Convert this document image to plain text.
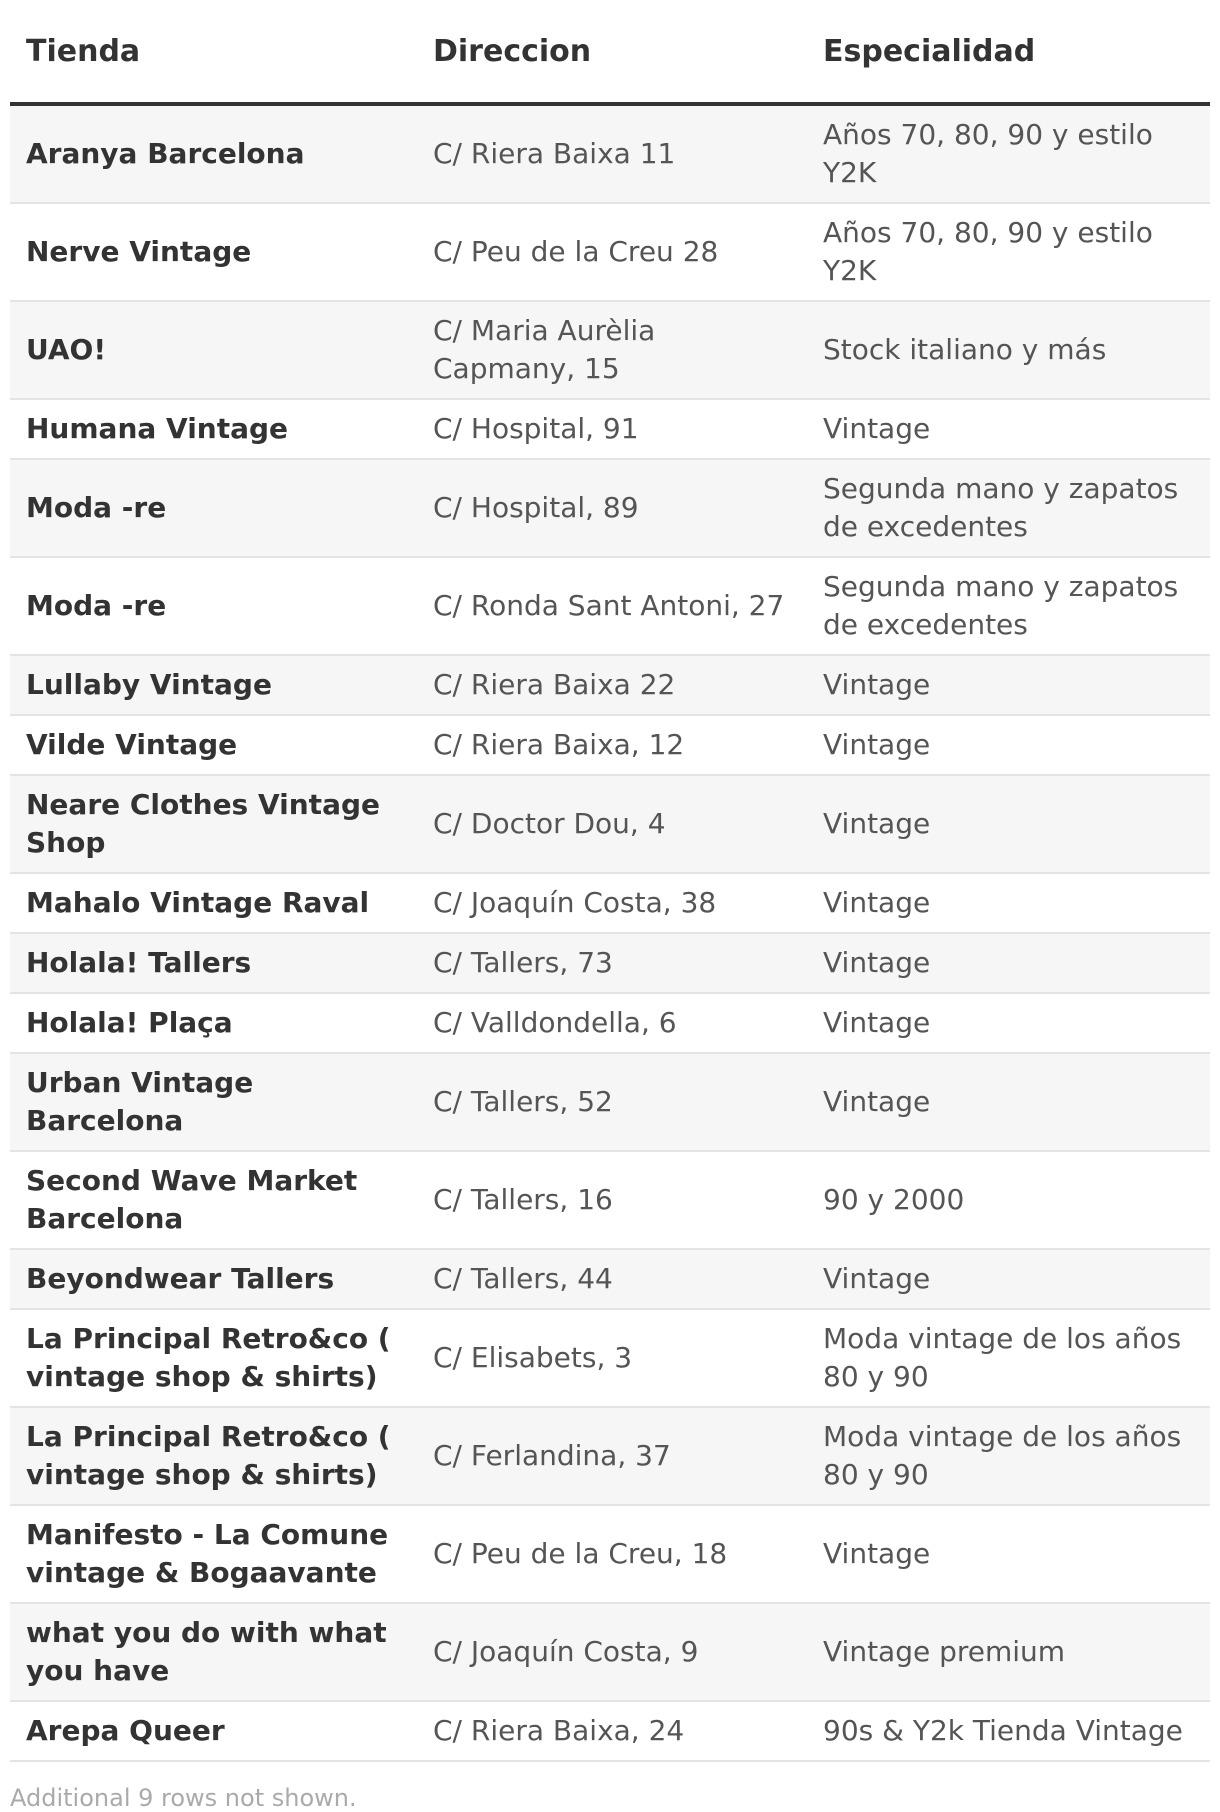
Tienda	Direccion	Especialidad
Aranya Barcelona	C/ Riera Baixa 11	Años 70, 80, 90 y estilo Y2K
Nerve Vintage	C/ Peu de la Creu 28	Años 70, 80, 90 y estilo Y2K
UAO!	C/ Maria Aurèlia Capmany, 15	Stock italiano y más
Humana Vintage	C/ Hospital, 91	Vintage
Moda -re	C/ Hospital, 89	Segunda mano y zapatos de excedentes
Moda -re	C/ Ronda Sant Antoni, 27	Segunda mano y zapatos de excedentes
Lullaby Vintage	C/ Riera Baixa 22	Vintage
Vilde Vintage	C/ Riera Baixa, 12	Vintage
Neare Clothes Vintage Shop	C/ Doctor Dou, 4	Vintage
Mahalo Vintage Raval	C/ Joaquín Costa, 38	Vintage
Holala! Tallers	C/ Tallers, 73	Vintage
Holala! Plaça	C/ Valldondella, 6	Vintage
Urban Vintage Barcelona	C/ Tallers, 52	Vintage
Second Wave Market Barcelona	C/ Tallers, 16	90 y 2000
Beyondwear Tallers	C/ Tallers, 44	Vintage
La Principal Retro&co ( vintage shop & shirts)	C/ Elisabets, 3	Moda vintage de los años 80 y 90
La Principal Retro&co ( vintage shop & shirts)	C/ Ferlandina, 37	Moda vintage de los años 80 y 90
Manifesto - La Comune vintage & Bogaavante	C/ Peu de la Creu, 18	Vintage
what you do with what you have	C/ Joaquín Costa, 9	Vintage premium
Arepa Queer	C/ Riera Baixa, 24	90s & Y2k Tienda Vintage
Additional 9 rows not shown.
